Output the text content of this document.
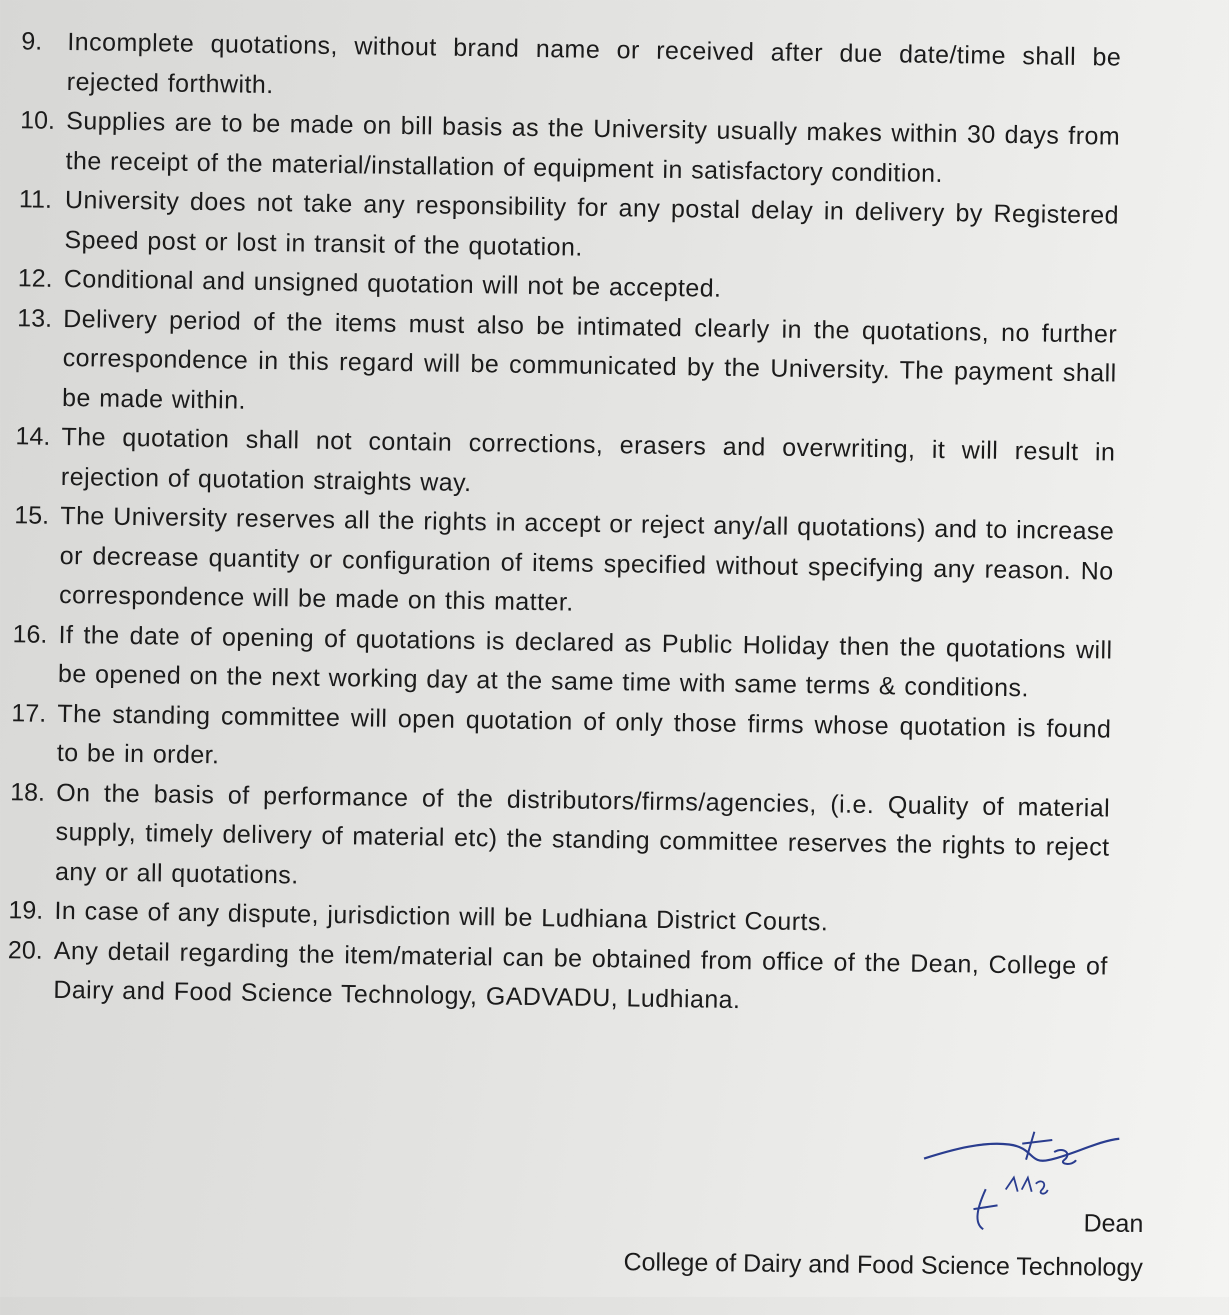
9. Incomplete quotations, without brand name or received after due date/time shall be rejected forthwith.
10. Supplies are to be made on bill basis as the University usually makes within 30 days from the receipt of the material/installation of equipment in satisfactory condition.
11. University does not take any responsibility for any postal delay in delivery by Registered Speed post or lost in transit of the quotation.
12. Conditional and unsigned quotation will not be accepted.
13. Delivery period of the items must also be intimated clearly in the quotations, no further correspondence in this regard will be communicated by the University. The payment shall be made within.
14. The quotation shall not contain corrections, erasers and overwriting, it will result in rejection of quotation straights way.
15. The University reserves all the rights in accept or reject any/all quotations) and to increase or decrease quantity or configuration of items specified without specifying any reason. No correspondence will be made on this matter.
16. If the date of opening of quotations is declared as Public Holiday then the quotations will be opened on the next working day at the same time with same terms & conditions.
17. The standing committee will open quotation of only those firms whose quotation is found to be in order.
18. On the basis of performance of the distributors/firms/agencies, (i.e. Quality of material supply, timely delivery of material etc) the standing committee reserves the rights to reject any or all quotations.
19. In case of any dispute, jurisdiction will be Ludhiana District Courts.
20. Any detail regarding the item/material can be obtained from office of the Dean, College of Dairy and Food Science Technology, GADVADU, Ludhiana.
Dean
College of Dairy and Food Science Technology
